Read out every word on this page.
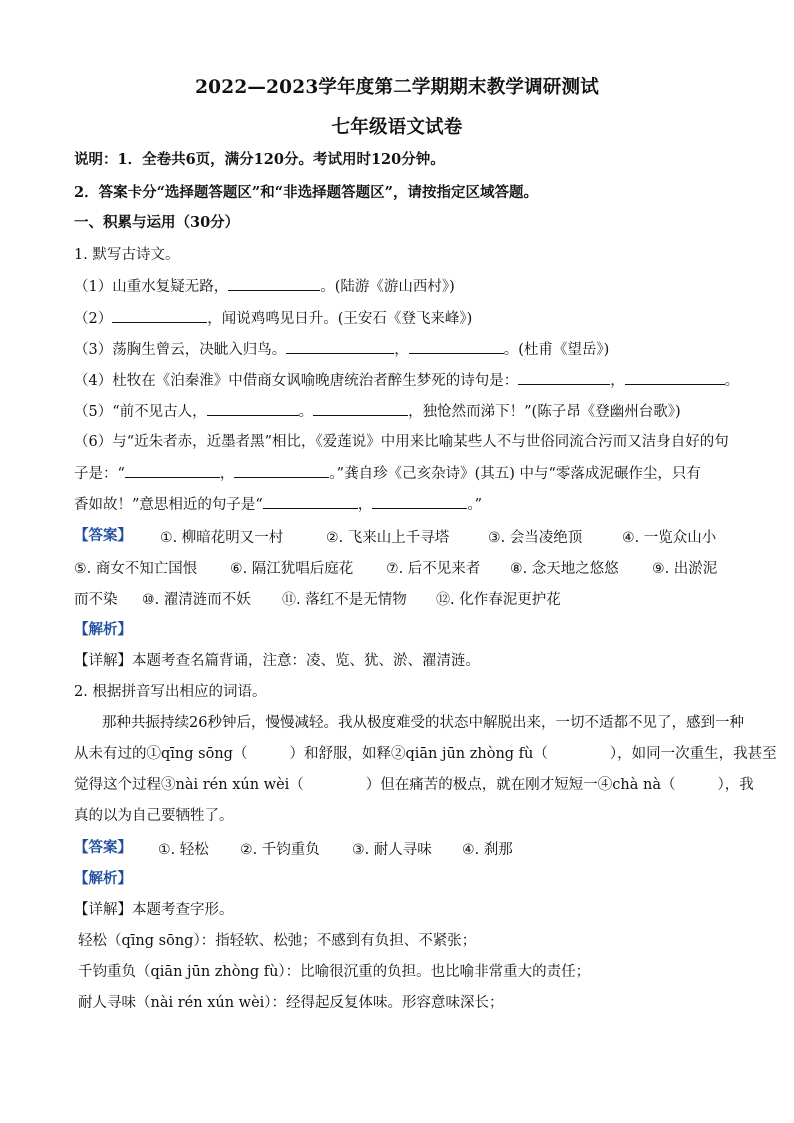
2022—2023学年度第二学期期末教学调研测试
七年级语文试卷
说明：1．全卷共6页，满分120分。考试用时120分钟。
2．答案卡分“选择题答题区”和“非选择题答题区”，请按指定区域答题。
一、积累与运用（30分）
1. 默写古诗文。
（1）山重水复疑无路，	。(陆游《游山西村》)
（2）	，闻说鸡鸣见日升。(王安石《登飞来峰》)
（3）荡胸生曾云，决眦入归鸟。	，	。(杜甫《望岳》)
（4）杜牧在《泊秦淮》中借商女讽喻晚唐统治者醉生梦死的诗句是：	，	。
（5）“前不见古人，	。	，独怆然而涕下！”(陈子昂《登幽州台歌》)
（6）与“近朱者赤，近墨者黑”相比，《爱莲说》中用来比喻某些人不与世俗同流合污而又洁身自好的句
子是：“	，	。”龚自珍《己亥杂诗》(其五) 中与“零落成泥碾作尘，只有
香如故！”意思相近的句子是“	，	。”
【答案】	①. 柳暗花明又一村	②. 飞来山上千寻塔	③. 会当凌绝顶	④. 一览众山小
⑤. 商女不知亡国恨 ⑥. 隔江犹唱后庭花 ⑦. 后不见来者 ⑧. 念天地之悠悠 ⑨. 出淤泥
而不染 ⑩. 濯清涟而不妖 ⑪. 落红不是无情物 ⑫. 化作春泥更护花
【解析】
【详解】本题考查名篇背诵，注意：凌、览、犹、淤、濯清涟。
2. 根据拼音写出相应的词语。
那种共振持续26秒钟后，慢慢减轻。我从极度难受的状态中解脱出来，一切不适都不见了，感到一种
从未有过的①qīng sōng（	）和舒服，如释②qiān jūn zhòng fù（	），如同一次重生，我甚至
觉得这个过程③nài rén xún wèi（	）但在痛苦的极点，就在刚才短短一④chà nà（	），我
真的以为自己要牺牲了。
【答案】	①. 轻松 ②. 千钧重负 ③. 耐人寻味 ④. 刹那
【解析】
【详解】本题考查字形。
轻松（qīng sōng）：指轻软、松弛；不感到有负担、不紧张；
千钧重负（qiān jūn zhòng fù）：比喻很沉重的负担。也比喻非常重大的责任；
耐人寻味（nài rén xún wèi）：经得起反复体味。形容意味深长；
